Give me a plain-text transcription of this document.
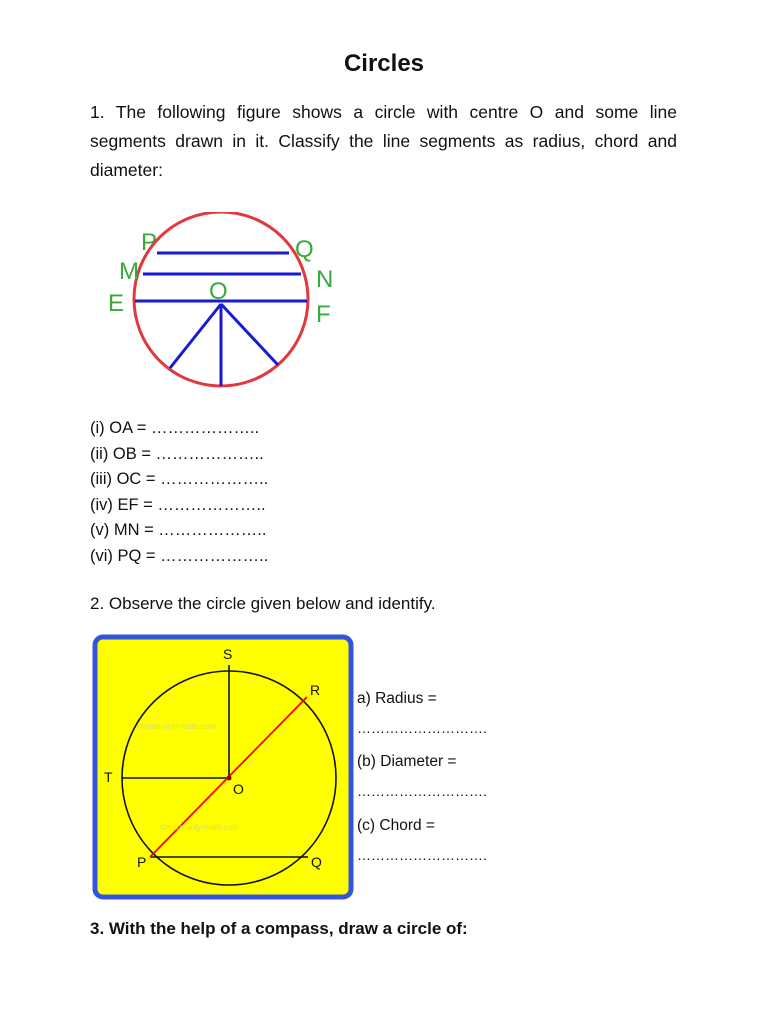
Circles
1. The following figure shows a circle with centre O and some line segments drawn in it. Classify the line segments as radius, chord and diameter:
P	Q
M	N
E	F
O
(i) OA = ………………..
(ii) OB = ………………..
(iii) OC = ………………..
(iv) EF = ………………..
(v) MN = ………………..
(vi) PQ = ………………..
2. Observe the circle given below and identify.
©math-only-math.com
©math-only-math.com
S
R
T
O
P	Q
a) Radius =
……………………….
(b) Diameter =
……………………….
(c) Chord =
……………………….
3. With the help of a compass, draw a circle of:
